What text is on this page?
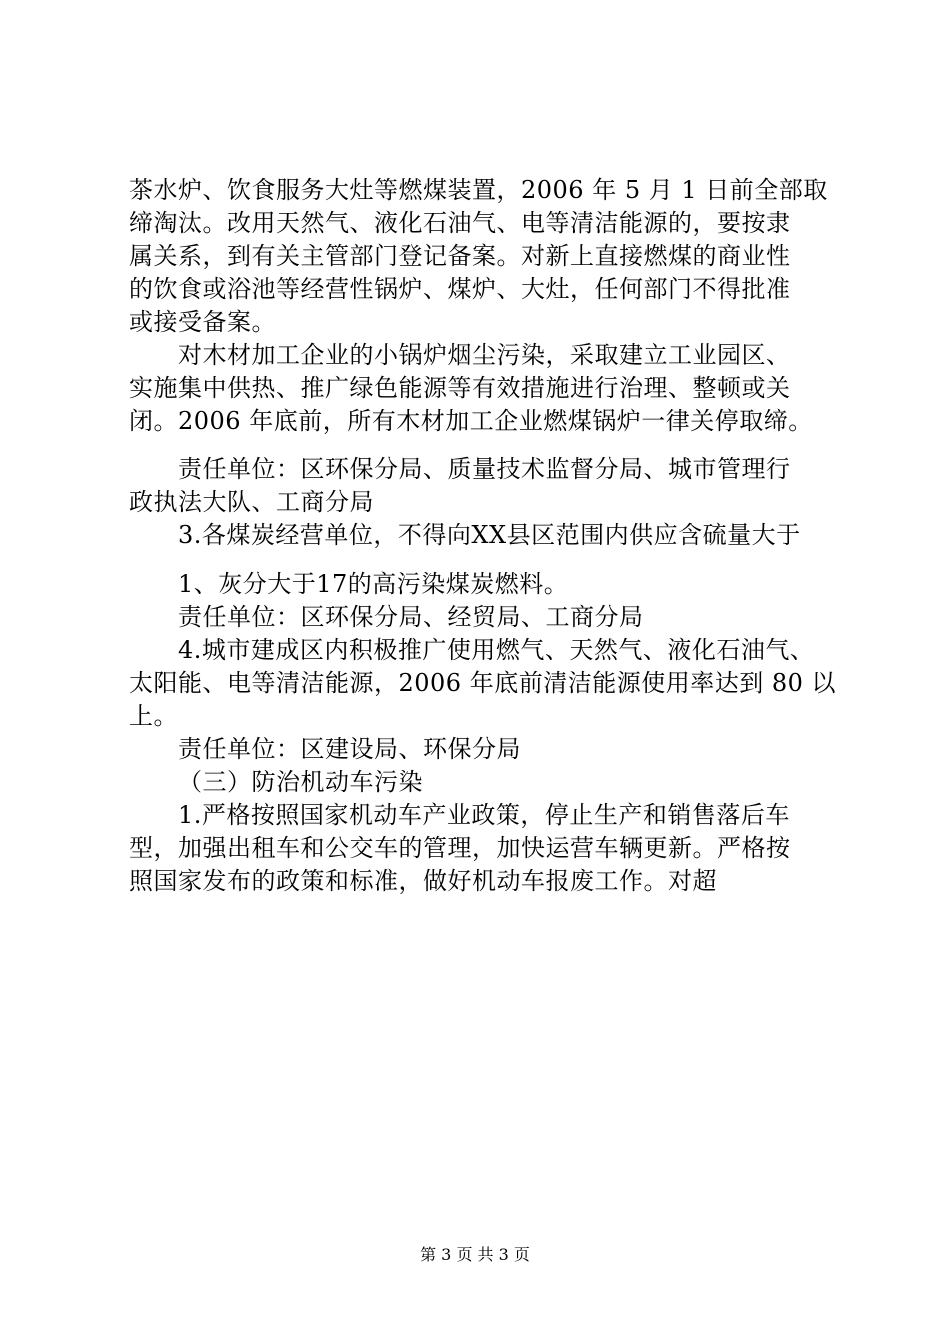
茶水炉、饮食服务大灶等燃煤装置，2006 年 5 月 1 日前全部取
缔淘汰。改用天然气、液化石油气、电等清洁能源的，要按隶
属关系，到有关主管部门登记备案。对新上直接燃煤的商业性
的饮食或浴池等经营性锅炉、煤炉、大灶，任何部门不得批准
或接受备案。
对木材加工企业的小锅炉烟尘污染，采取建立工业园区、
实施集中供热、推广绿色能源等有效措施进行治理、整顿或关
闭。2006 年底前，所有木材加工企业燃煤锅炉一律关停取缔。
责任单位：区环保分局、质量技术监督分局、城市管理行
政执法大队、工商分局
3.各煤炭经营单位，不得向XX县区范围内供应含硫量大于
1、灰分大于17的高污染煤炭燃料。
责任单位：区环保分局、经贸局、工商分局
4.城市建成区内积极推广使用燃气、天然气、液化石油气、
太阳能、电等清洁能源，2006 年底前清洁能源使用率达到 80 以
上。
责任单位：区建设局、环保分局
（三）防治机动车污染
1.严格按照国家机动车产业政策，停止生产和销售落后车
型，加强出租车和公交车的管理，加快运营车辆更新。严格按
照国家发布的政策和标准，做好机动车报废工作。对超
第 3 页 共 3 页
